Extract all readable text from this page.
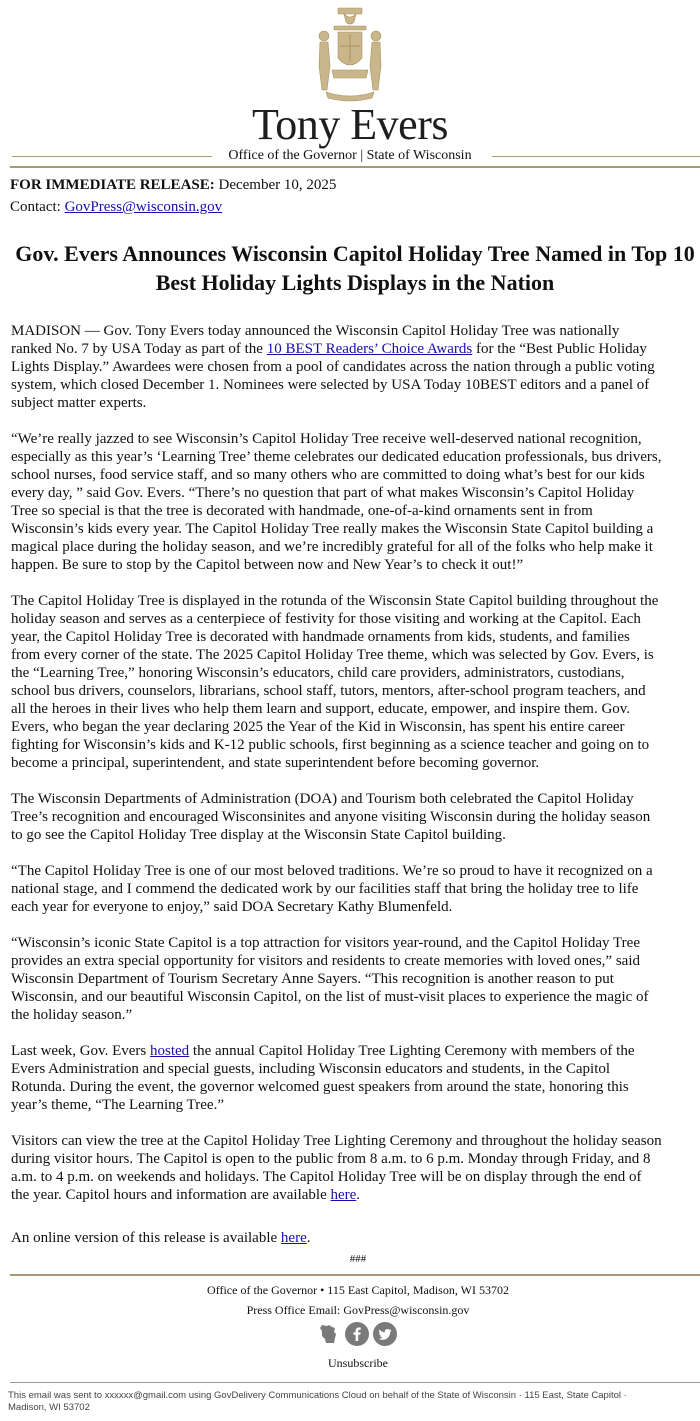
Tony Evers
Office of the Governor | State of Wisconsin
FOR IMMEDIATE RELEASE: December 10, 2025
Contact: GovPress@wisconsin.gov
Gov. Evers Announces Wisconsin Capitol Holiday Tree Named in Top 10 Best Holiday Lights Displays in the Nation

MADISON — Gov. Tony Evers today announced the Wisconsin Capitol Holiday Tree was nationally
ranked No. 7 by USA Today as part of the 10 BEST Readers’ Choice Awards for the “Best Public Holiday
Lights Display.” Awardees were chosen from a pool of candidates across the nation through a public voting
system, which closed December 1. Nominees were selected by USA Today 10BEST editors and a panel of
subject matter experts.

“We’re really jazzed to see Wisconsin’s Capitol Holiday Tree receive well-deserved national recognition,
especially as this year’s ‘Learning Tree’ theme celebrates our dedicated education professionals, bus drivers,
school nurses, food service staff, and so many others who are committed to doing what’s best for our kids
every day, ” said Gov. Evers. “There’s no question that part of what makes Wisconsin’s Capitol Holiday
Tree so special is that the tree is decorated with handmade, one-of-a-kind ornaments sent in from
Wisconsin’s kids every year. The Capitol Holiday Tree really makes the Wisconsin State Capitol building a
magical place during the holiday season, and we’re incredibly grateful for all of the folks who help make it
happen. Be sure to stop by the Capitol between now and New Year’s to check it out!”

The Capitol Holiday Tree is displayed in the rotunda of the Wisconsin State Capitol building throughout the
holiday season and serves as a centerpiece of festivity for those visiting and working at the Capitol. Each
year, the Capitol Holiday Tree is decorated with handmade ornaments from kids, students, and families
from every corner of the state. The 2025 Capitol Holiday Tree theme, which was selected by Gov. Evers, is
the “Learning Tree,” honoring Wisconsin’s educators, child care providers, administrators, custodians,
school bus drivers, counselors, librarians, school staff, tutors, mentors, after-school program teachers, and
all the heroes in their lives who help them learn and support, educate, empower, and inspire them. Gov.
Evers, who began the year declaring 2025 the Year of the Kid in Wisconsin, has spent his entire career
fighting for Wisconsin’s kids and K-12 public schools, first beginning as a science teacher and going on to
become a principal, superintendent, and state superintendent before becoming governor.

The Wisconsin Departments of Administration (DOA) and Tourism both celebrated the Capitol Holiday
Tree’s recognition and encouraged Wisconsinites and anyone visiting Wisconsin during the holiday season
to go see the Capitol Holiday Tree display at the Wisconsin State Capitol building.

“The Capitol Holiday Tree is one of our most beloved traditions. We’re so proud to have it recognized on a
national stage, and I commend the dedicated work by our facilities staff that bring the holiday tree to life
each year for everyone to enjoy,” said DOA Secretary Kathy Blumenfeld.

“Wisconsin’s iconic State Capitol is a top attraction for visitors year-round, and the Capitol Holiday Tree
provides an extra special opportunity for visitors and residents to create memories with loved ones,” said
Wisconsin Department of Tourism Secretary Anne Sayers. “This recognition is another reason to put
Wisconsin, and our beautiful Wisconsin Capitol, on the list of must-visit places to experience the magic of
the holiday season.”

Last week, Gov. Evers hosted the annual Capitol Holiday Tree Lighting Ceremony with members of the
Evers Administration and special guests, including Wisconsin educators and students, in the Capitol
Rotunda. During the event, the governor welcomed guest speakers from around the state, honoring this
year’s theme, “The Learning Tree.”

Visitors can view the tree at the Capitol Holiday Tree Lighting Ceremony and throughout the holiday season
during visitor hours. The Capitol is open to the public from 8 a.m. to 6 p.m. Monday through Friday, and 8
a.m. to 4 p.m. on weekends and holidays. The Capitol Holiday Tree will be on display through the end of
the year. Capitol hours and information are available here.

An online version of this release is available here.
###
Office of the Governor • 115 East Capitol, Madison, WI 53702
Press Office Email: GovPress@wisconsin.gov
Unsubscribe
This email was sent to xxxxxx@gmail.com using GovDelivery Communications Cloud on behalf of the State of Wisconsin · 115 East, State Capitol · Madison, WI 53702
